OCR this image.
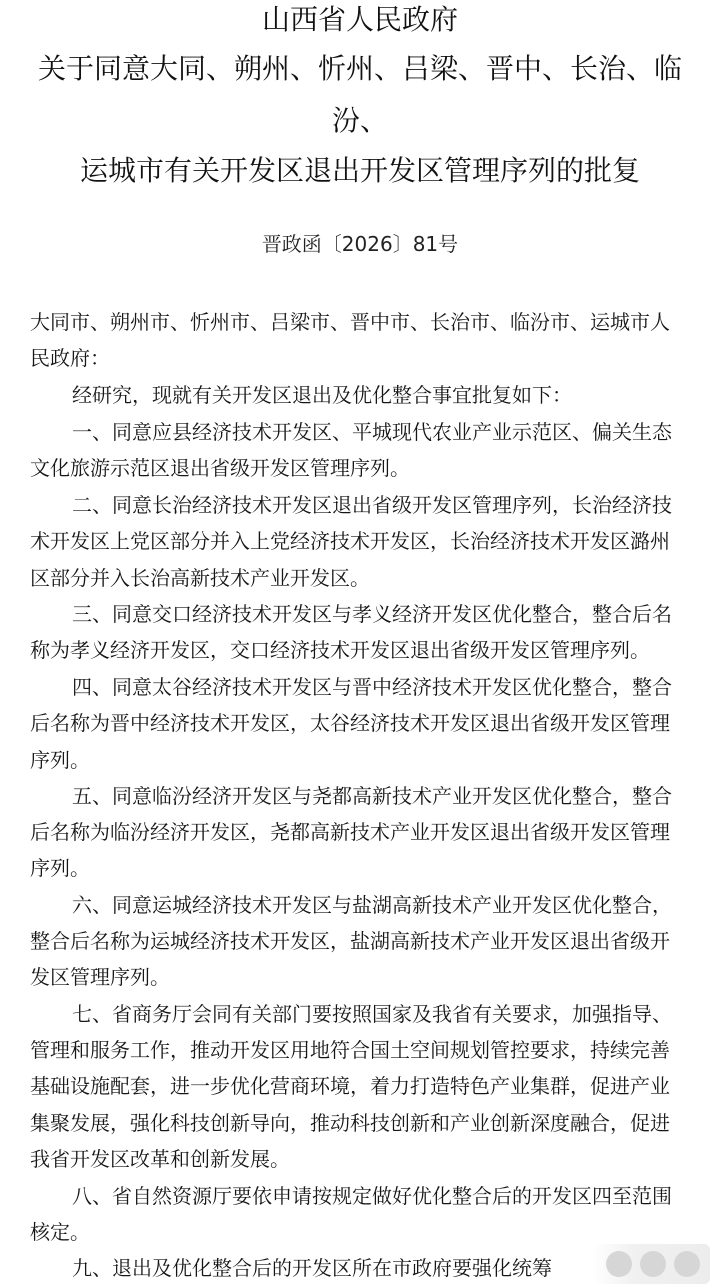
山西省人民政府
关于同意大同、朔州、忻州、吕梁、晋中、长治、临
汾、
运城市有关开发区退出开发区管理序列的批复
晋政函〔2026〕81号
大同市、朔州市、忻州市、吕梁市、晋中市、长治市、临汾市、运城市人
民政府：
经研究，现就有关开发区退出及优化整合事宜批复如下：
一、同意应县经济技术开发区、平城现代农业产业示范区、偏关生态
文化旅游示范区退出省级开发区管理序列。
二、同意长治经济技术开发区退出省级开发区管理序列，长治经济技
术开发区上党区部分并入上党经济技术开发区，长治经济技术开发区潞州
区部分并入长治高新技术产业开发区。
三、同意交口经济技术开发区与孝义经济开发区优化整合，整合后名
称为孝义经济开发区，交口经济技术开发区退出省级开发区管理序列。
四、同意太谷经济技术开发区与晋中经济技术开发区优化整合，整合
后名称为晋中经济技术开发区，太谷经济技术开发区退出省级开发区管理
序列。
五、同意临汾经济开发区与尧都高新技术产业开发区优化整合，整合
后名称为临汾经济开发区，尧都高新技术产业开发区退出省级开发区管理
序列。
六、同意运城经济技术开发区与盐湖高新技术产业开发区优化整合，
整合后名称为运城经济技术开发区，盐湖高新技术产业开发区退出省级开
发区管理序列。
七、省商务厅会同有关部门要按照国家及我省有关要求，加强指导、
管理和服务工作，推动开发区用地符合国土空间规划管控要求，持续完善
基础设施配套，进一步优化营商环境，着力打造特色产业集群，促进产业
集聚发展，强化科技创新导向，推动科技创新和产业创新深度融合，促进
我省开发区改革和创新发展。
八、省自然资源厅要依申请按规定做好优化整合后的开发区四至范围
核定。
九、退出及优化整合后的开发区所在市政府要强化统筹
